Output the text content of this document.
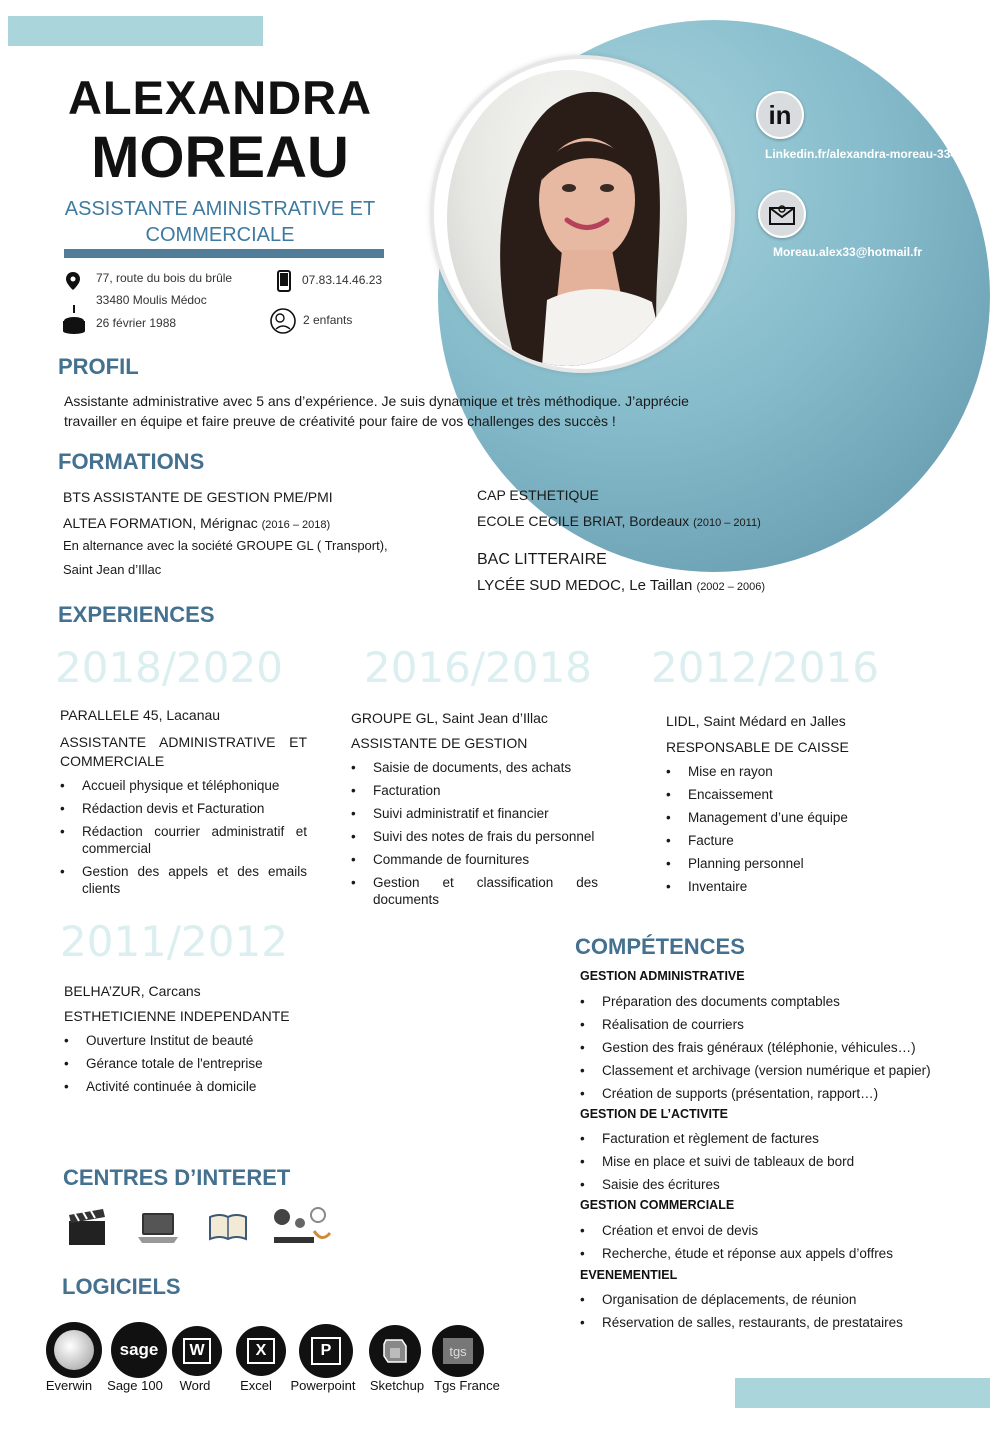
ALEXANDRA
MOREAU
ASSISTANTE AMINISTRATIVE ET COMMERCIALE
77, route du bois du brûle
33480 Moulis Médoc
26 février 1988
07.83.14.46.23
2 enfants
in
Linkedin.fr/alexandra-moreau-33480
Moreau.alex33@hotmail.fr
PROFIL
Assistante administrative avec 5 ans d’expérience. Je suis dynamique et très méthodique. J’apprécie
travailler en équipe et faire preuve de créativité pour faire de vos challenges des succès !
FORMATIONS
BTS ASSISTANTE DE GESTION PME/PMI
ALTEA FORMATION, Mérignac (2016 – 2018)
En alternance avec la société GROUPE GL ( Transport),
Saint Jean d’Illac
CAP ESTHETIQUE
ECOLE CECILE BRIAT, Bordeaux (2010 – 2011)
BAC LITTERAIRE
LYCÉE SUD MEDOC, Le Taillan (2002 – 2006)
EXPERIENCES
2018/2020
PARALLELE 45, Lacanau
ASSISTANTE ADMINISTRATIVE ET COMMERCIALE
• Accueil physique et téléphonique
• Rédaction devis et Facturation
• Rédaction courrier administratif et commercial
• Gestion des appels et des emails clients
2016/2018
GROUPE GL, Saint Jean d’Illac
ASSISTANTE DE GESTION
• Saisie de documents, des achats
• Facturation
• Suivi administratif et financier
• Suivi des notes de frais du personnel
• Commande de fournitures
• Gestion et classification des documents
2012/2016
LIDL, Saint Médard en Jalles
RESPONSABLE DE CAISSE
• Mise en rayon
• Encaissement
• Management d’une équipe
• Facture
• Planning personnel
• Inventaire
2011/2012
BELHA’ZUR, Carcans
ESTHETICIENNE INDEPENDANTE
• Ouverture Institut de beauté
• Gérance totale de l'entreprise
• Activité continuée à domicile
COMPÉTENCES
GESTION ADMINISTRATIVE
• Préparation des documents comptables
• Réalisation de courriers
• Gestion des frais généraux (téléphonie, véhicules…)
• Classement et archivage (version numérique et papier)
• Création de supports (présentation, rapport…)
GESTION DE L’ACTIVITE
• Facturation et règlement de factures
• Mise en place et suivi de tableaux de bord
• Saisie des écritures
GESTION COMMERCIALE
• Création et envoi de devis
• Recherche, étude et réponse aux appels d’offres
EVENEMENTIEL
• Organisation de déplacements, de réunion
• Réservation de salles, restaurants, de prestataires
CENTRES D’INTERET
LOGICIELS
Everwin
sage
Sage 100
W
Word
X
Excel
P
Powerpoint	Sketchup
tgs
Tgs France
